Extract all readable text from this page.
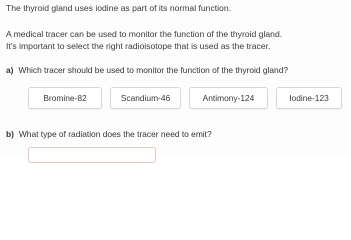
The thyroid gland uses iodine as part of its normal function.
A medical tracer can be used to monitor the function of the thyroid gland.
It's important to select the right radioisotope that is used as the tracer.
a) Which tracer should be used to monitor the function of the thyroid gland?
Bromine-82	Scandium-46	Antimony-124	Iodine-123
b) What type of radiation does the tracer need to emit?
